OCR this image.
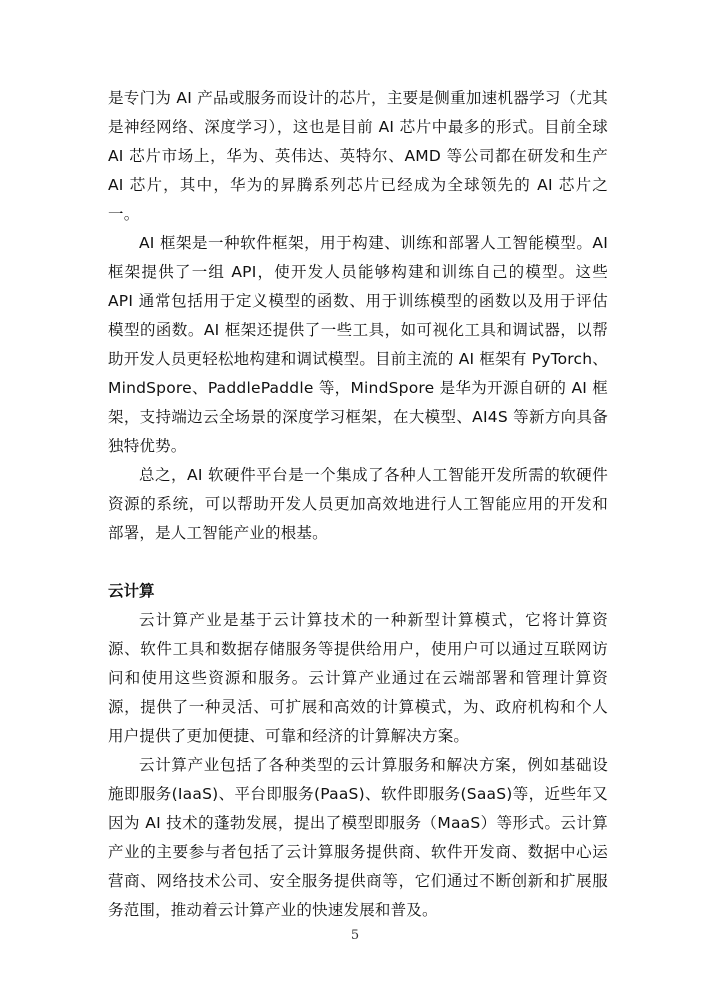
是专门为 AI 产品或服务而设计的芯片，主要是侧重加速机器学习（尤其是神经网络、深度学习），这也是目前 AI 芯片中最多的形式。目前全球 AI 芯片市场上，华为、英伟达、英特尔、AMD 等公司都在研发和生产 AI 芯片，其中，华为的昇腾系列芯片已经成为全球领先的 AI 芯片之一。

AI 框架是一种软件框架，用于构建、训练和部署人工智能模型。AI 框架提供了一组 API，使开发人员能够构建和训练自己的模型。这些 API 通常包括用于定义模型的函数、用于训练模型的函数以及用于评估模型的函数。AI 框架还提供了一些工具，如可视化工具和调试器，以帮助开发人员更轻松地构建和调试模型。目前主流的 AI 框架有 PyTorch、MindSpore、PaddlePaddle 等，MindSpore 是华为开源自研的 AI 框架，支持端边云全场景的深度学习框架，在大模型、AI4S 等新方向具备独特优势。

总之，AI 软硬件平台是一个集成了各种人工智能开发所需的软硬件资源的系统，可以帮助开发人员更加高效地进行人工智能应用的开发和部署，是人工智能产业的根基。

云计算

云计算产业是基于云计算技术的一种新型计算模式，它将计算资源、软件工具和数据存储服务等提供给用户，使用户可以通过互联网访问和使用这些资源和服务。云计算产业通过在云端部署和管理计算资源，提供了一种灵活、可扩展和高效的计算模式，为、政府机构和个人用户提供了更加便捷、可靠和经济的计算解决方案。

云计算产业包括了各种类型的云计算服务和解决方案，例如基础设施即服务(IaaS)、平台即服务(PaaS)、软件即服务(SaaS)等，近些年又因为 AI 技术的蓬勃发展，提出了模型即服务（MaaS）等形式。云计算产业的主要参与者包括了云计算服务提供商、软件开发商、数据中心运营商、网络技术公司、安全服务提供商等，它们通过不断创新和扩展服务范围，推动着云计算产业的快速发展和普及。

5
